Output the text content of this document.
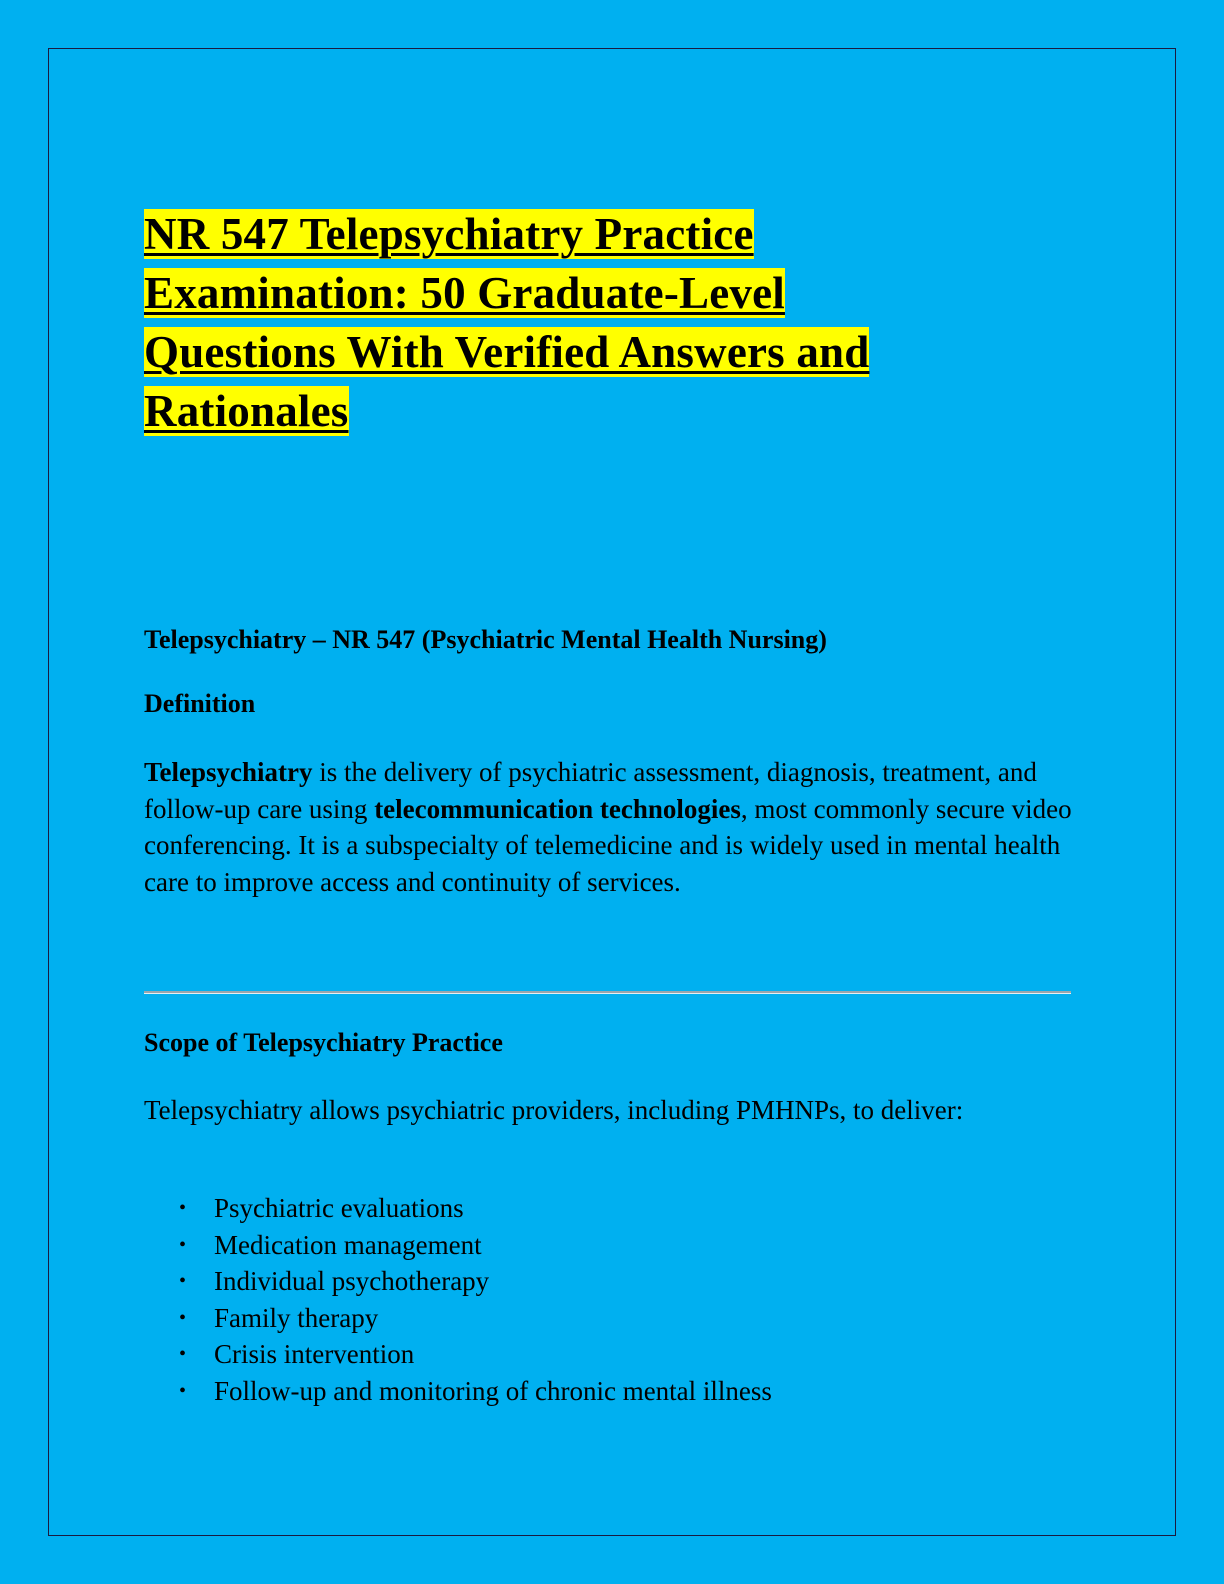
NR 547 Telepsychiatry Practice
Examination: 50 Graduate-Level
Questions With Verified Answers and
Rationales
Telepsychiatry – NR 547 (Psychiatric Mental Health Nursing)
Definition

Telepsychiatry is the delivery of psychiatric assessment, diagnosis, treatment, and follow-up care using telecommunication technologies, most commonly secure video conferencing. It is a subspecialty of telemedicine and is widely used in mental health care to improve access and continuity of services.

Scope of Telepsychiatry Practice

Telepsychiatry allows psychiatric providers, including PMHNPs, to deliver:

• Psychiatric evaluations
• Medication management
• Individual psychotherapy
• Family therapy
• Crisis intervention
• Follow-up and monitoring of chronic mental illness
